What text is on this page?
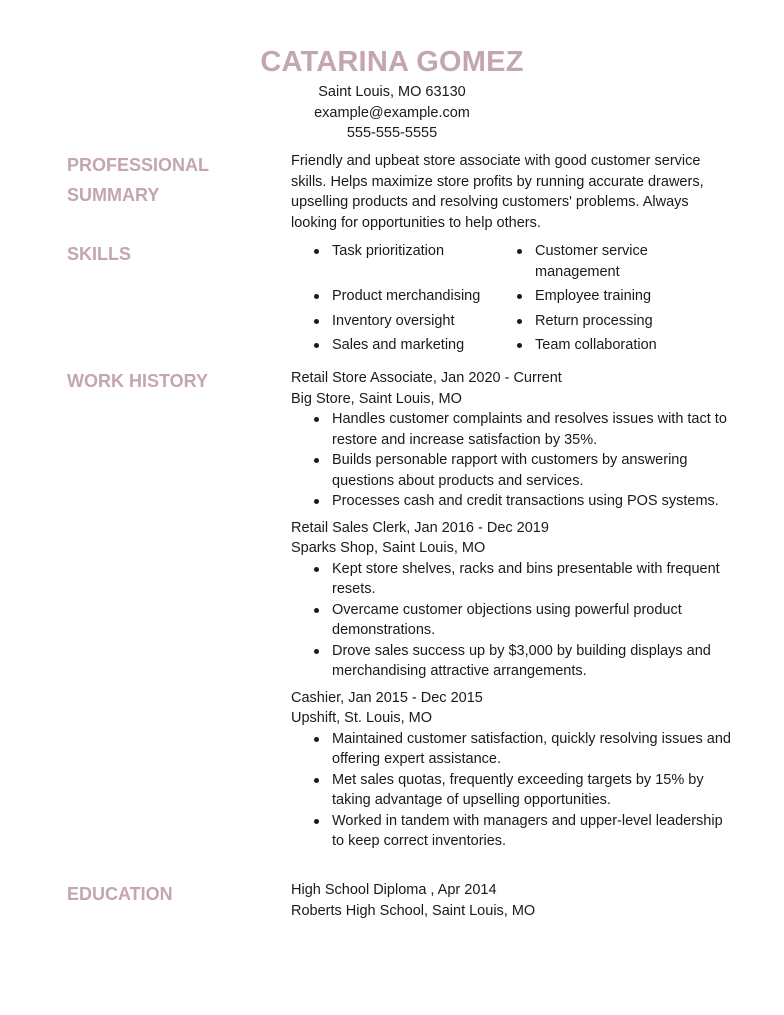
CATARINA GOMEZ
Saint Louis, MO 63130
example@example.com
555-555-5555
PROFESSIONAL
SUMMARY

Friendly and upbeat store associate with good customer service skills. Helps maximize store profits by running accurate drawers, upselling products and resolving customers' problems. Always looking for opportunities to help others.

SKILLS	Task prioritization	Customer service management
Product merchandising	Employee training
Inventory oversight	Return processing
Sales and marketing	Team collaboration
WORK HISTORY	Retail Store Associate, Jan 2020 - Current
Big Store, Saint Louis, MO
Handles customer complaints and resolves issues with tact to restore and increase satisfaction by 35%.
Builds personable rapport with customers by answering questions about products and services.
Processes cash and credit transactions using POS systems.
Retail Sales Clerk, Jan 2016 - Dec 2019
Sparks Shop, Saint Louis, MO
Kept store shelves, racks and bins presentable with frequent resets.
Overcame customer objections using powerful product demonstrations.
Drove sales success up by $3,000 by building displays and merchandising attractive arrangements.
Cashier, Jan 2015 - Dec 2015
Upshift, St. Louis, MO
Maintained customer satisfaction, quickly resolving issues and offering expert assistance.
Met sales quotas, frequently exceeding targets by 15% by taking advantage of upselling opportunities.
Worked in tandem with managers and upper-level leadership to keep correct inventories.
EDUCATION	High School Diploma , Apr 2014
Roberts High School, Saint Louis, MO
